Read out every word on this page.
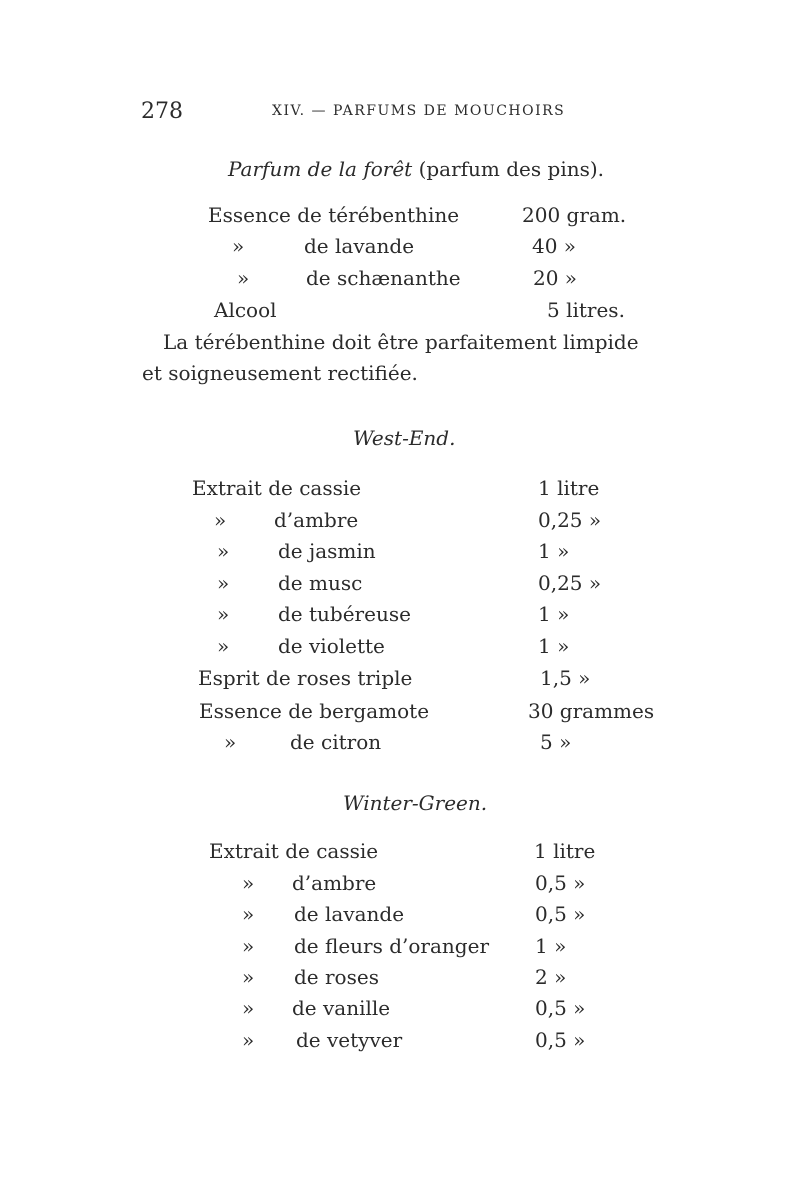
278	XIV. — PARFUMS DE MOUCHOIRS
Parfum de la forêt (parfum des pins).
Essence de térébenthine	200 gram.
»	de lavande	40 »
»	de schænanthe	20 »
Alcool	5 litres.
La térébenthine doit être parfaitement limpide
et soigneusement rectifiée.
West-End.
Extrait de cassie	1 litre
» d’ambre	0,25 »
» de jasmin	1 »
» de musc	0,25 »
» de tubéreuse	1 »
» de violette	1 »
Esprit de roses triple	1,5 »
Essence de bergamote	30 grammes
»	de citron	5 »
Winter-Green.
Extrait de cassie	1 litre
» d’ambre	0,5 »
» de lavande	0,5 »
» de fleurs d’oranger 1 »
» de roses	2 »
» de vanille	0,5 »
» de vetyver	0,5 »
